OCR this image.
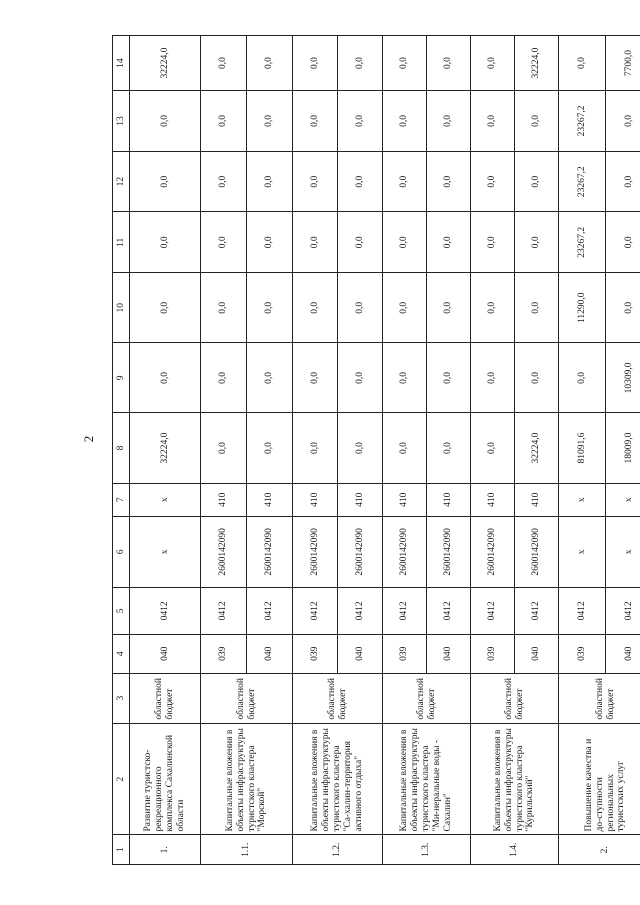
2
1	2	3	4	5	6	7	8	9	10	11	12	13	14
1.	Развитие туристско-рекреационного комплекса Сахалинской области	областной бюджет	040	0412	x	x	32224,0	0,0	0,0	0,0	0,0	0,0	32224,0
1.1.	Капитальные вложения в объекты инфраструктуры туристского кластера "Морской"	областной бюджет	039	0412	2600142090	410	0,0	0,0	0,0	0,0	0,0	0,0	0,0
			040	0412	2600142090	410	0,0	0,0	0,0	0,0	0,0	0,0	0,0
1.2.	Капитальные вложения в объекты инфраструктуры туристского кластера "Са-халин-территория активного отдыха"	областной бюджет	039	0412	2600142090	410	0,0	0,0	0,0	0,0	0,0	0,0	0,0
			040	0412	2600142090	410	0,0	0,0	0,0	0,0	0,0	0,0	0,0
1.3.	Капитальные вложения в объекты инфраструктуры туристского кластера "Ми-неральные воды - Сахалин"	областной бюджет	039	0412	2600142090	410	0,0	0,0	0,0	0,0	0,0	0,0	0,0
			040	0412	2600142090	410	0,0	0,0	0,0	0,0	0,0	0,0	0,0
1.4.	Капитальные вложения в объекты инфраструктуры туристского кластера "Курильский"	областной бюджет	039	0412	2600142090	410	0,0	0,0	0,0	0,0	0,0	0,0	0,0
			040	0412	2600142090	410	32224,0	0,0	0,0	0,0	0,0	0,0	32224,0
2.	Повышение качества и до-ступности региональных туристских услуг	областной бюджет	039	0412	x	x	81091,6	0,0	11290,0	23267,2	23267,2	23267,2	0,0
			040	0412	x	x	18009,0	10309,0	0,0	0,0	0,0	0,0	7700,0
